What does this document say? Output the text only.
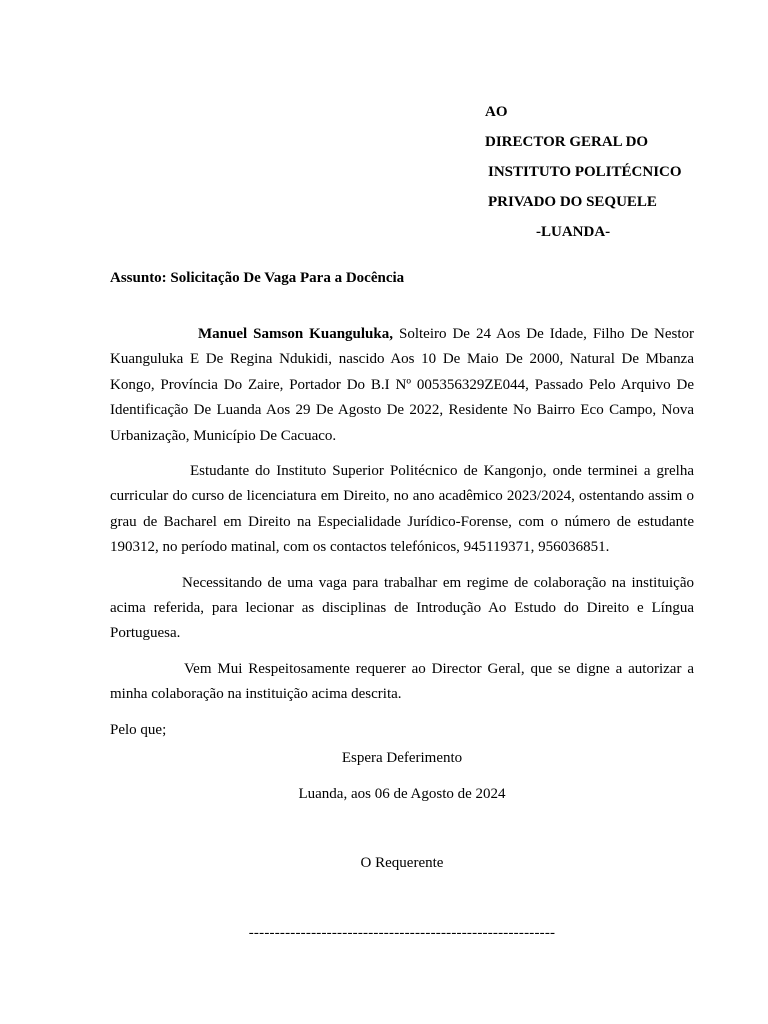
AO
DIRECTOR GERAL DO
INSTITUTO POLITÉCNICO
PRIVADO DO SEQUELE
-LUANDA-
Assunto: Solicitação De Vaga Para a Docência

Manuel Samson Kuanguluka, Solteiro De 24 Aos De Idade, Filho De Nestor Kuanguluka E De Regina Ndukidi, nascido Aos 10 De Maio De 2000, Natural De Mbanza Kongo, Província Do Zaire, Portador Do B.I Nº 005356329ZE044, Passado Pelo Arquivo De Identificação De Luanda Aos 29 De Agosto De 2022, Residente No Bairro Eco Campo, Nova Urbanização, Município De Cacuaco.

Estudante do Instituto Superior Politécnico de Kangonjo, onde terminei a grelha curricular do curso de licenciatura em Direito, no ano acadêmico 2023/2024, ostentando assim o grau de Bacharel em Direito na Especialidade Jurídico-Forense, com o número de estudante 190312, no período matinal, com os contactos telefónicos, 945119371, 956036851.

Necessitando de uma vaga para trabalhar em regime de colaboração na instituição acima referida, para lecionar as disciplinas de Introdução Ao Estudo do Direito e Língua Portuguesa.

Vem Mui Respeitosamente requerer ao Director Geral, que se digne a autorizar a minha colaboração na instituição acima descrita.

Pelo que;

Espera Deferimento
Luanda, aos 06 de Agosto de 2024
O Requerente
-----------------------------------------------------------
